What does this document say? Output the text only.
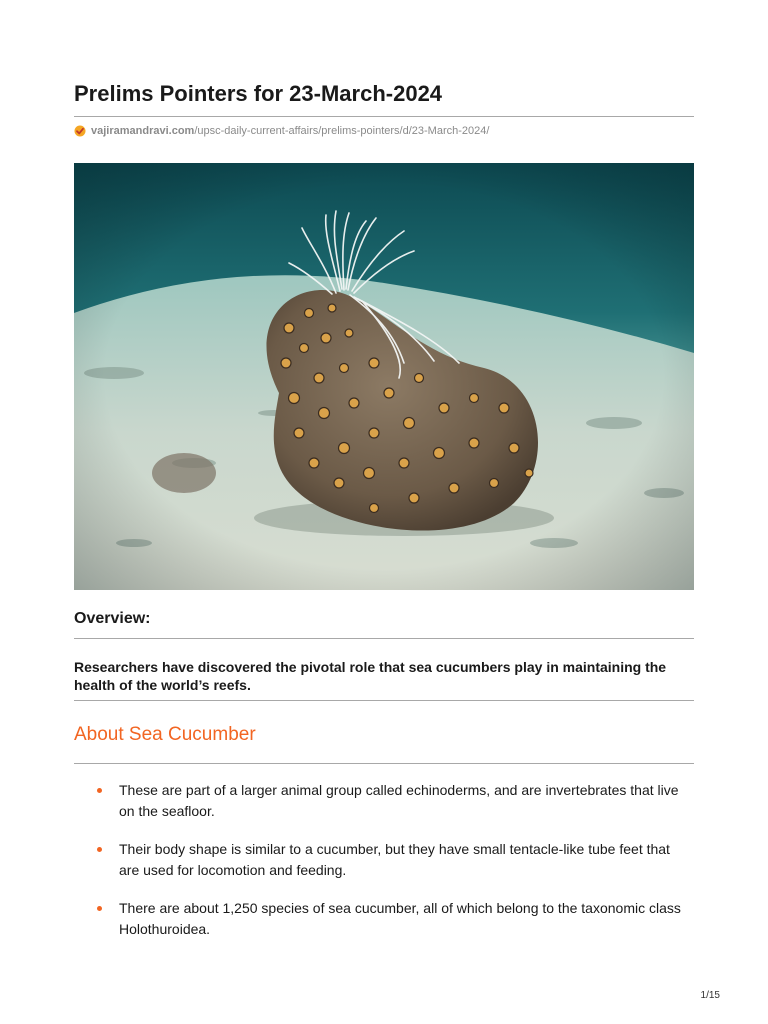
Prelims Pointers for 23-March-2024
vajiramandravi.com /upsc-daily-current-affairs/prelims-pointers/d/23-March-2024/
Overview:
Researchers have discovered the pivotal role that sea cucumbers play in maintaining the health of the world’s reefs.
About Sea Cucumber
These are part of a larger animal group called echinoderms, and are invertebrates that live on the seafloor.
Their body shape is similar to a cucumber, but they have small tentacle-like tube feet that are used for locomotion and feeding.
There are about 1,250 species of sea cucumber, all of which belong to the taxonomic class Holothuroidea.
1/15
